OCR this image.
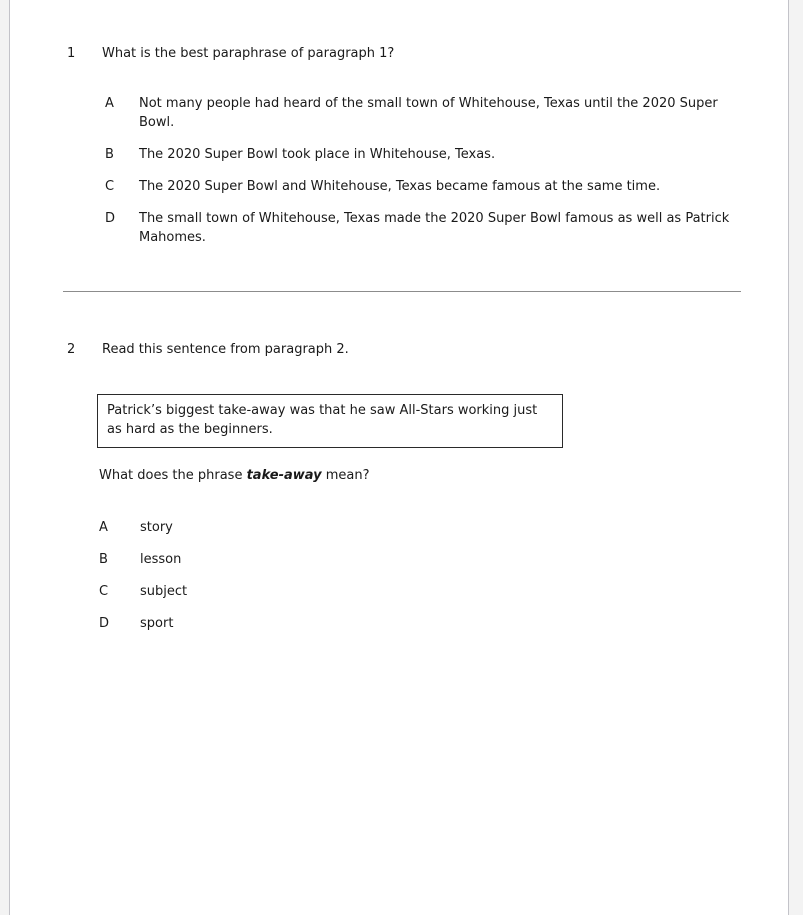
1	What is the best paraphrase of paragraph 1?
A	Not many people had heard of the small town of Whitehouse, Texas until the 2020 Super Bowl.
B	The 2020 Super Bowl took place in Whitehouse, Texas.
C	The 2020 Super Bowl and Whitehouse, Texas became famous at the same time.
D	The small town of Whitehouse, Texas made the 2020 Super Bowl famous as well as Patrick Mahomes.
2	Read this sentence from paragraph 2.
Patrick’s biggest take-away was that he saw All-Stars working just as hard as the beginners.
What does the phrase take-away mean?
A	story
B	lesson
C	subject
D	sport
